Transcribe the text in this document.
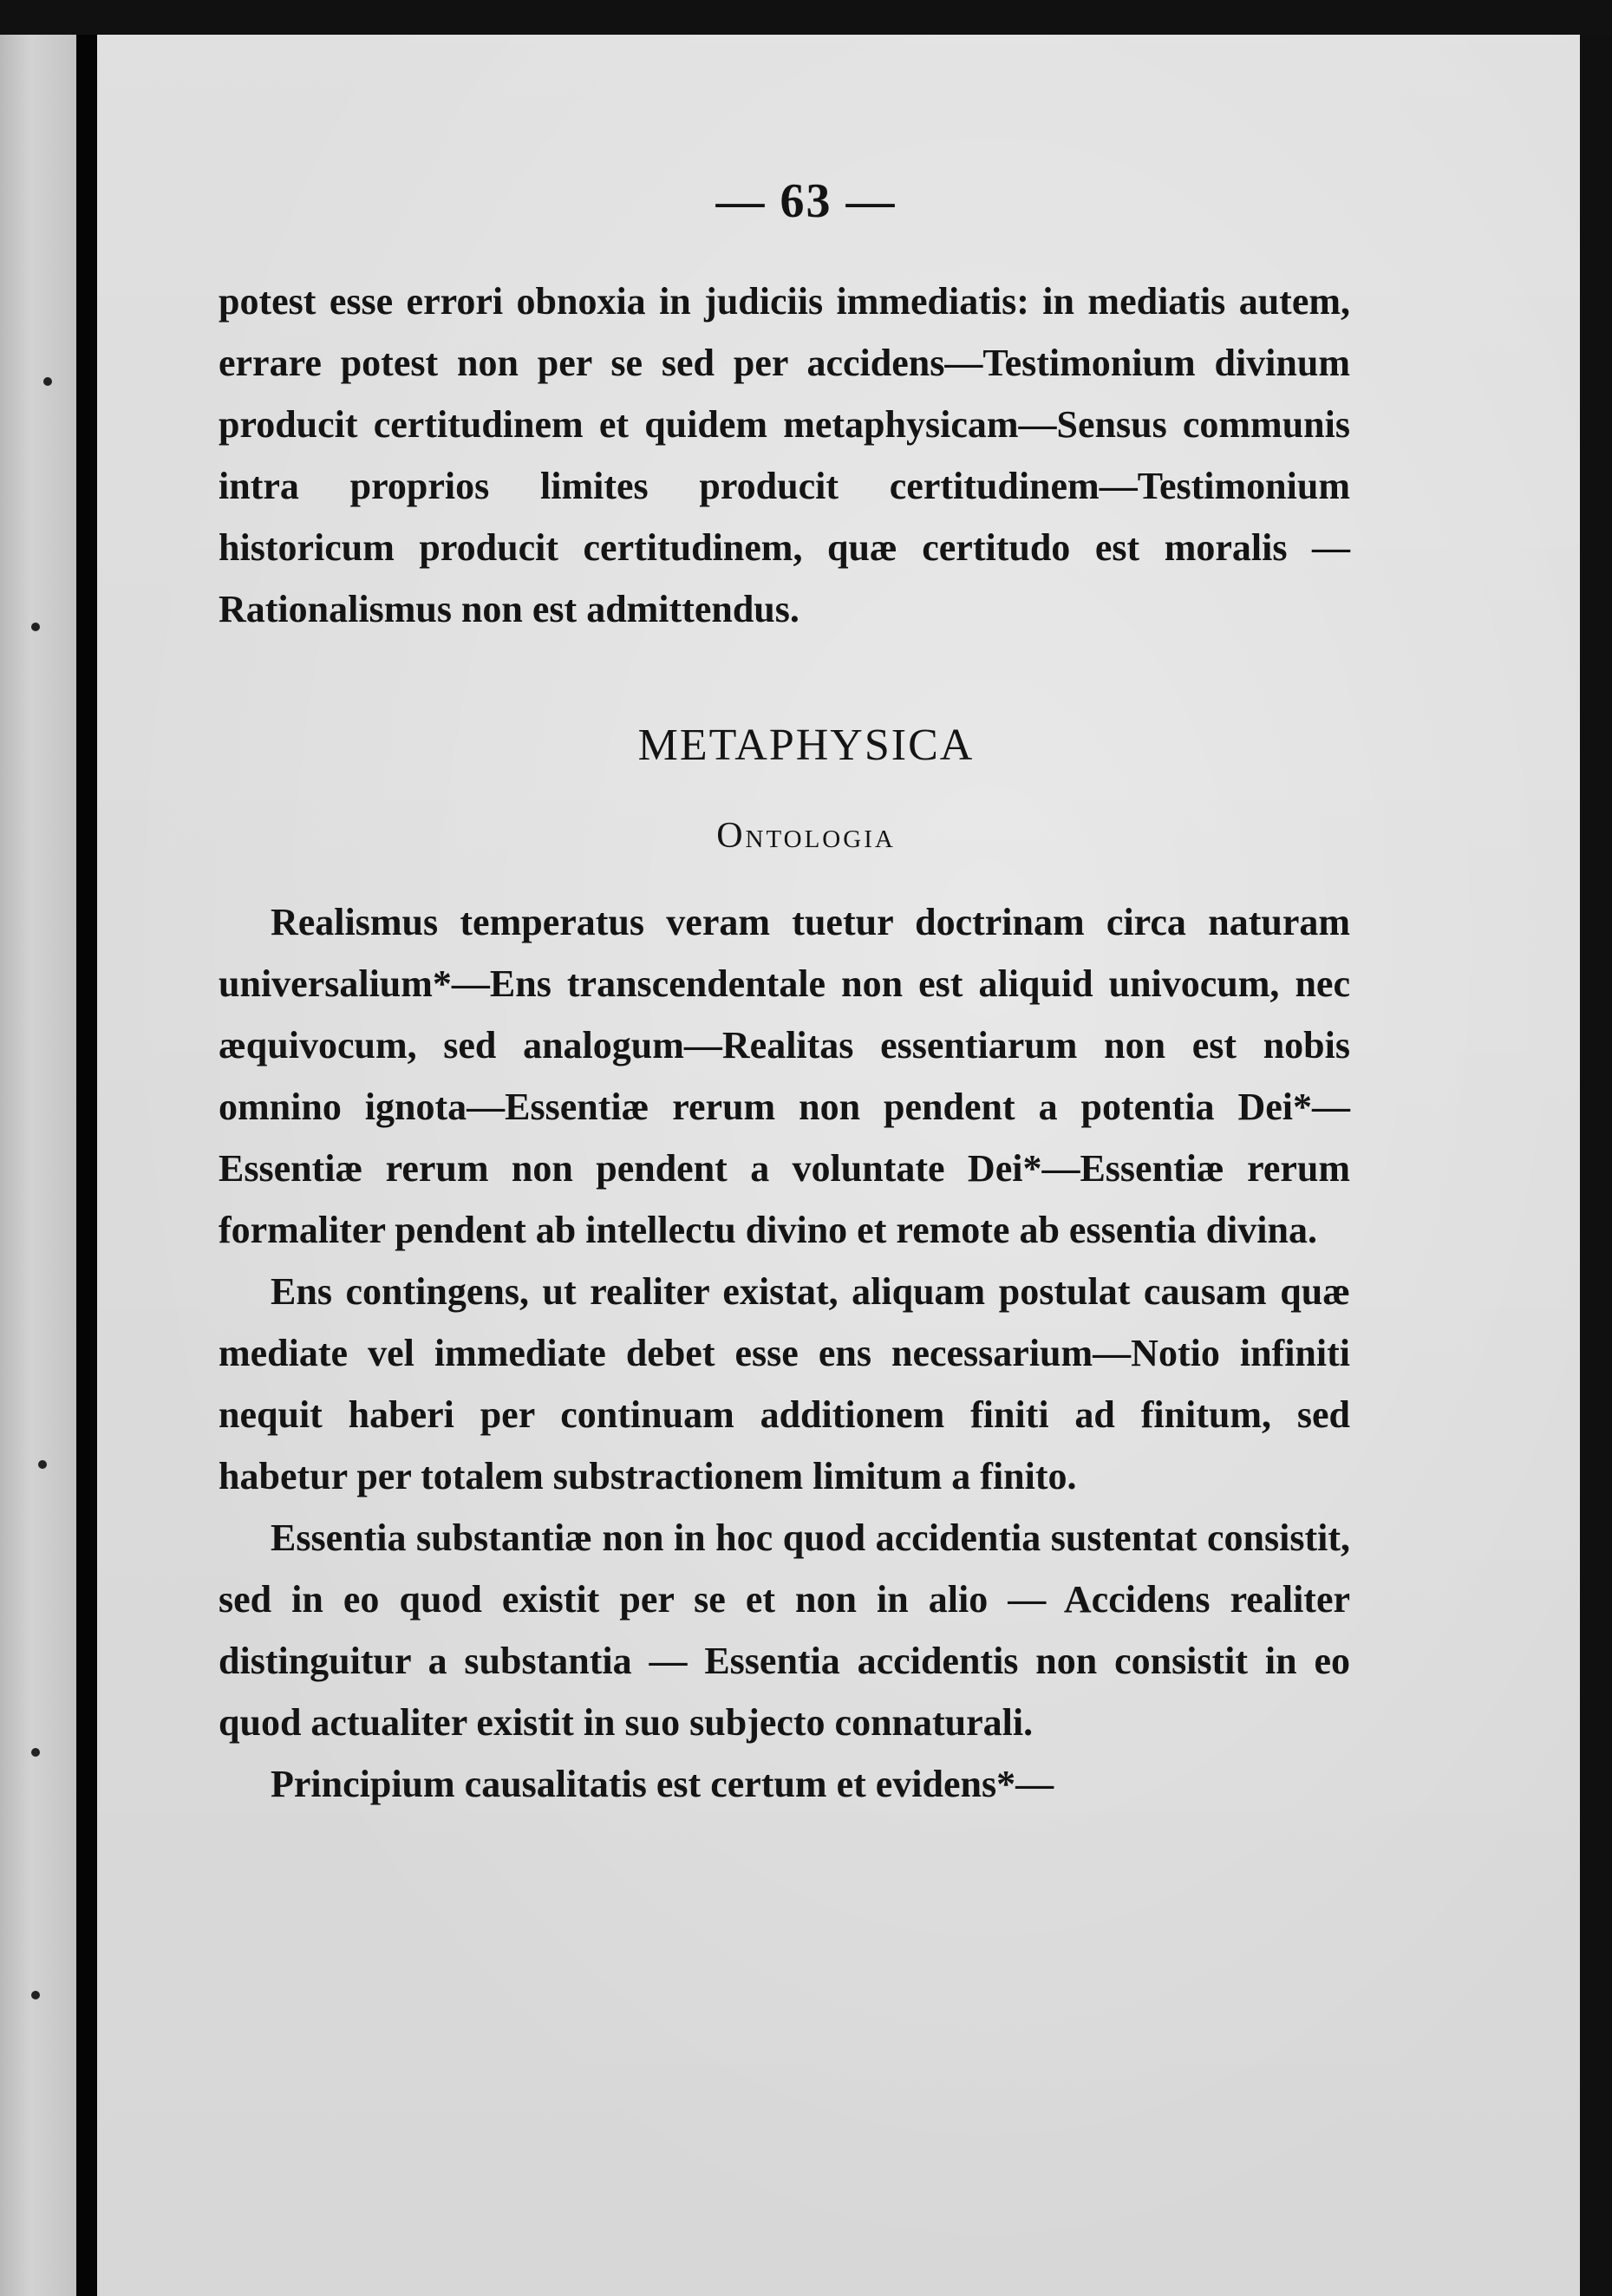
— 63 —

potest esse errori obnoxia in judiciis immediatis: in mediatis autem, errare potest non per se sed per accidens—Testimonium divinum producit certitudinem et quidem metaphysicam—Sensus communis intra proprios limites producit certitudinem—Testimonium historicum producit certitudinem, quæ certitudo est moralis —Rationalismus non est admittendus.

METAPHYSICA
Ontologia

Realismus temperatus veram tuetur doctrinam circa naturam universalium*—Ens transcendentale non est aliquid univocum, nec æquivocum, sed analogum—Realitas essentiarum non est nobis omnino ignota—Essentiæ rerum non pendent a potentia Dei*—Essentiæ rerum non pendent a voluntate Dei*—Essentiæ rerum formaliter pendent ab intellectu divino et remote ab essentia divina.

Ens contingens, ut realiter existat, aliquam postulat causam quæ mediate vel immediate debet esse ens necessarium—Notio infiniti nequit haberi per continuam additionem finiti ad finitum, sed habetur per totalem substractionem limitum a finito.

Essentia substantiæ non in hoc quod accidentia sustentat consistit, sed in eo quod existit per se et non in alio — Accidens realiter distinguitur a substantia — Essentia accidentis non consistit in eo quod actualiter existit in suo subjecto connaturali.

Principium causalitatis est certum et evidens*—
